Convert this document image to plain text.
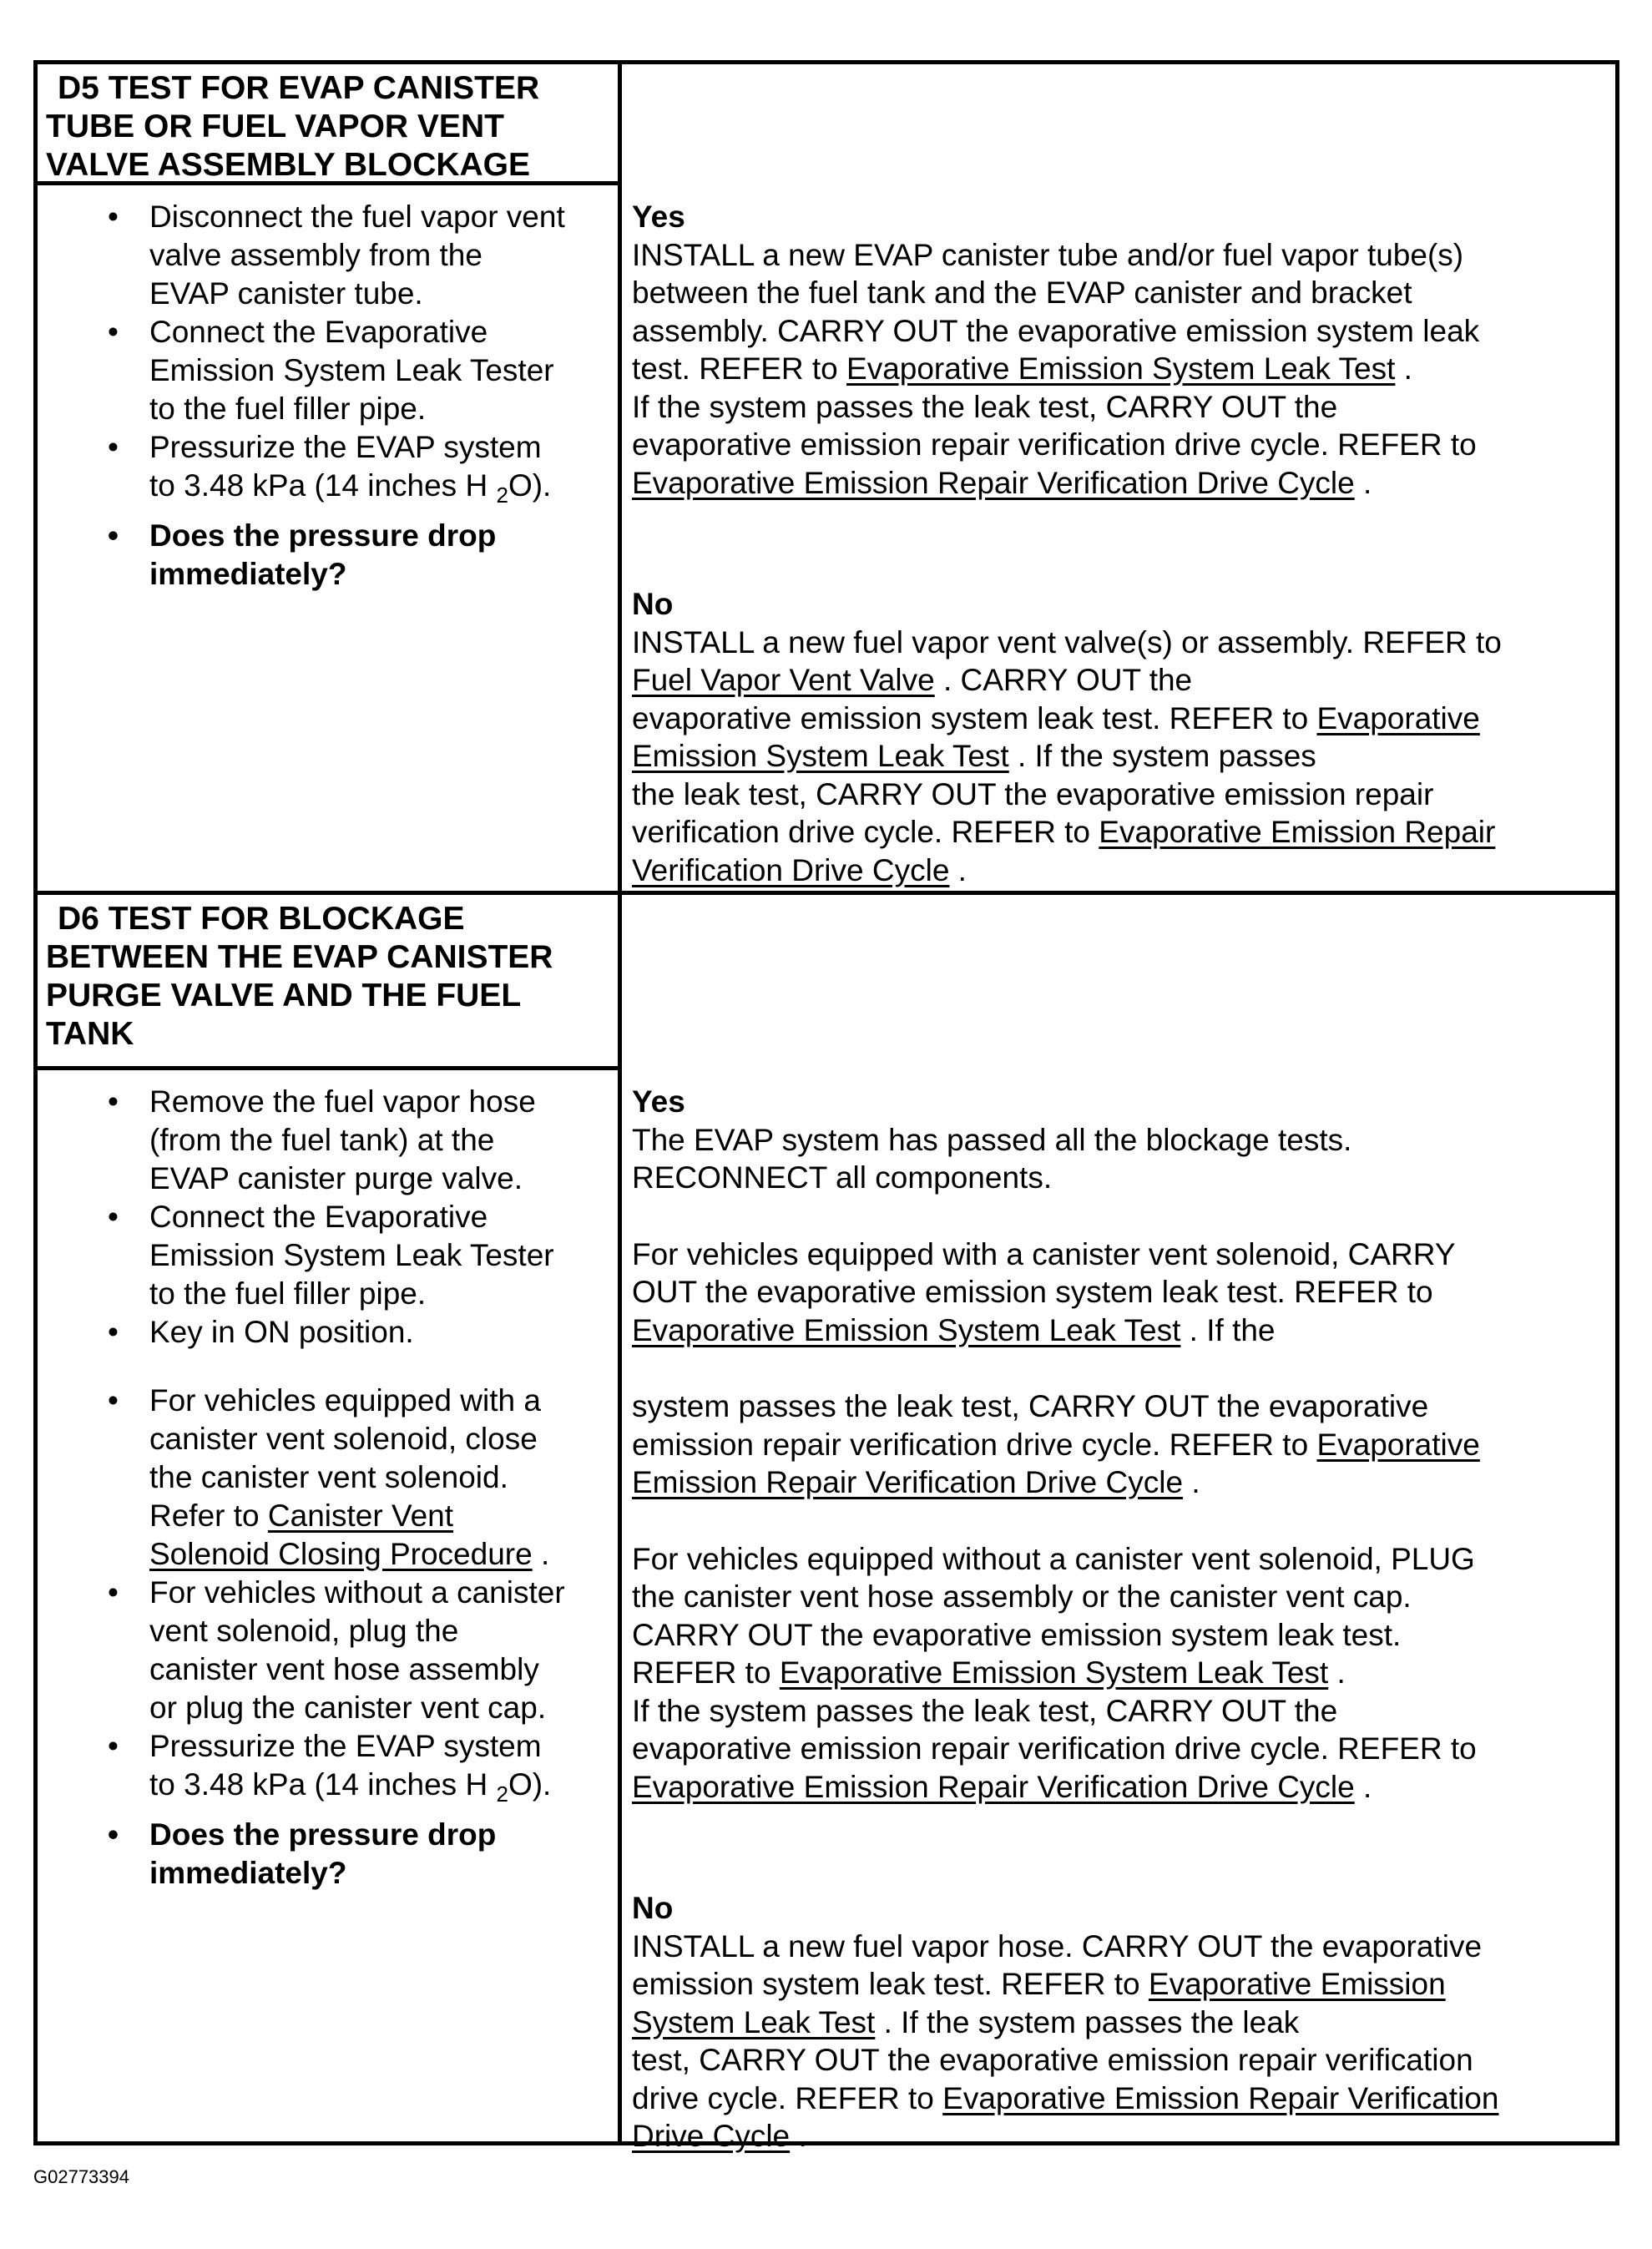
D5 TEST FOR EVAP CANISTER
TUBE OR FUEL VAPOR VENT
VALVE ASSEMBLY BLOCKAGE
• Disconnect the fuel vapor vent
valve assembly from the
EVAP canister tube.
• Connect the Evaporative
Emission System Leak Tester
to the fuel filler pipe.
• Pressurize the EVAP system
to 3.48 kPa (14 inches H $_2$O).
• Does the pressure drop
immediately?
Yes
INSTALL a new EVAP canister tube and/or fuel vapor tube(s)
between the fuel tank and the EVAP canister and bracket
assembly. CARRY OUT the evaporative emission system leak
test. REFER to Evaporative Emission System Leak Test .
If the system passes the leak test, CARRY OUT the
evaporative emission repair verification drive cycle. REFER to
Evaporative Emission Repair Verification Drive Cycle .
No
INSTALL a new fuel vapor vent valve(s) or assembly. REFER to
Fuel Vapor Vent Valve . CARRY OUT the
evaporative emission system leak test. REFER to Evaporative
Emission System Leak Test . If the system passes
the leak test, CARRY OUT the evaporative emission repair
verification drive cycle. REFER to Evaporative Emission Repair
Verification Drive Cycle .
D6 TEST FOR BLOCKAGE
BETWEEN THE EVAP CANISTER
PURGE VALVE AND THE FUEL
TANK
• Remove the fuel vapor hose
(from the fuel tank) at the
EVAP canister purge valve.
• Connect the Evaporative
Emission System Leak Tester
to the fuel filler pipe.
• Key in ON position.
• For vehicles equipped with a
canister vent solenoid, close
the canister vent solenoid.
Refer to Canister Vent
Solenoid Closing Procedure .
• For vehicles without a canister
vent solenoid, plug the
canister vent hose assembly
or plug the canister vent cap.
• Pressurize the EVAP system
to 3.48 kPa (14 inches H $_2$O).
• Does the pressure drop
immediately?
Yes
The EVAP system has passed all the blockage tests.
RECONNECT all components.
For vehicles equipped with a canister vent solenoid, CARRY
OUT the evaporative emission system leak test. REFER to
Evaporative Emission System Leak Test . If the
system passes the leak test, CARRY OUT the evaporative
emission repair verification drive cycle. REFER to Evaporative
Emission Repair Verification Drive Cycle .
For vehicles equipped without a canister vent solenoid, PLUG
the canister vent hose assembly or the canister vent cap.
CARRY OUT the evaporative emission system leak test.
REFER to Evaporative Emission System Leak Test .
If the system passes the leak test, CARRY OUT the
evaporative emission repair verification drive cycle. REFER to
Evaporative Emission Repair Verification Drive Cycle .
No
INSTALL a new fuel vapor hose. CARRY OUT the evaporative
emission system leak test. REFER to Evaporative Emission
System Leak Test . If the system passes the leak
test, CARRY OUT the evaporative emission repair verification
drive cycle. REFER to Evaporative Emission Repair Verification
Drive Cycle .
G02773394
